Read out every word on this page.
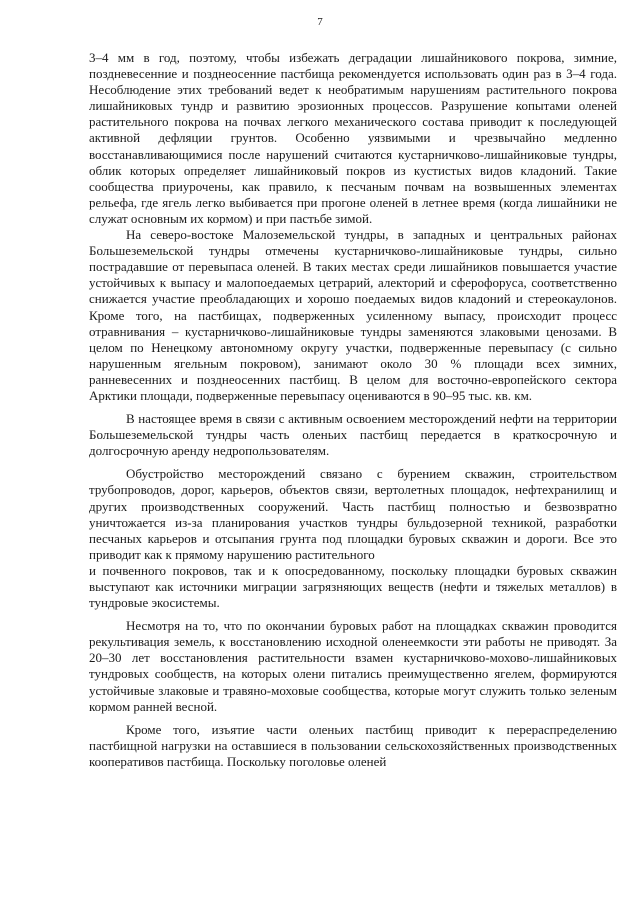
7

3–4 мм в год, поэтому, чтобы избежать деградации лишайникового покрова, зимние, поздневесенние и позднеосенние пастбища рекомендуется использовать один раз в 3–4 года. Несоблюдение этих требований ведет к необратимым нарушениям растительного покрова лишайниковых тундр и развитию эрозионных процессов. Разрушение копытами оленей растительного покрова на почвах легкого механического состава приводит к последующей активной дефляции грунтов. Особенно уязвимыми и чрезвычайно медленно восстанавливающимися после нарушений считаются кустарничково-лишайниковые тундры, облик которых определяет лишайниковый покров из кустистых видов кладоний. Такие сообщества приурочены, как правило, к песчаным почвам на возвышенных элементах рельефа, где ягель легко выбивается при прогоне оленей в летнее время (когда лишайники не служат основным их кормом) и при пастьбе зимой.

На северо-востоке Малоземельской тундры, в западных и центральных районах Большеземельской тундры отмечены кустарничково-лишайниковые тундры, сильно пострадавшие от перевыпаса оленей. В таких местах среди лишайников повышается участие устойчивых к выпасу и малопоедаемых цетрарий, алекторий и сферофоруса, соответственно снижается участие преобладающих и хорошо поедаемых видов кладоний и стереокаулонов. Кроме того, на пастбищах, подверженных усиленному выпасу, происходит процесс отравнивания – кустарничково-лишайниковые тундры заменяются злаковыми ценозами. В целом по Ненецкому автономному округу участки, подверженные перевыпасу (с сильно нарушенным ягельным покровом), занимают около 30 % площади всех зимних, ранневесенних и позднеосенних пастбищ. В целом для восточно-европейского сектора Арктики площади, подверженные перевыпасу оцениваются в 90–95 тыс. кв. км.

В настоящее время в связи с активным освоением месторождений нефти на территории Большеземельской тундры часть оленьих пастбищ передается в краткосрочную и долгосрочную аренду недропользователям.

Обустройство месторождений связано с бурением скважин, строительством трубопроводов, дорог, карьеров, объектов связи, вертолетных площадок, нефтехранилищ и других производственных сооружений. Часть пастбищ полностью и безвозвратно уничтожается из-за планирования участков тундры бульдозерной техникой, разработки песчаных карьеров и отсыпания грунта под площадки буровых скважин и дороги. Все это приводит как к прямому нарушению растительного

и почвенного покровов, так и к опосредованному, поскольку площадки буровых скважин выступают как источники миграции загрязняющих веществ (нефти и тяжелых металлов) в тундровые экосистемы.

Несмотря на то, что по окончании буровых работ на площадках скважин проводится рекультивация земель, к восстановлению исходной оленеемкости эти работы не приводят. За 20–30 лет восстановления растительности взамен кустарничково-мохово-лишайниковых тундровых сообществ, на которых олени питались преимущественно ягелем, формируются устойчивые злаковые и травяно-моховые сообщества, которые могут служить только зеленым кормом ранней весной.

Кроме того, изъятие части оленьих пастбищ приводит к перераспределению пастбищной нагрузки на оставшиеся в пользовании сельскохозяйственных производственных кооперативов пастбища. Поскольку поголовье оленей
